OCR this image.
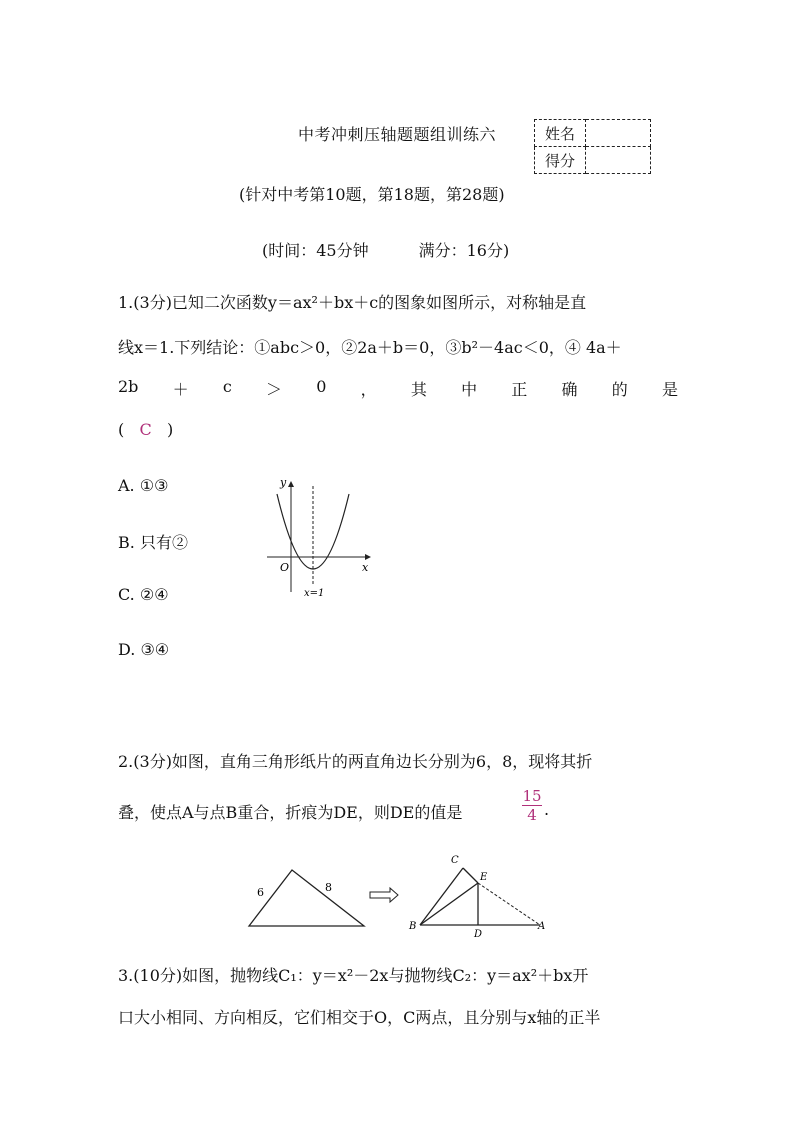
中考冲刺压轴题题组训练六	姓名	
得分	
(针对中考第10题，第18题，第28题)
(时间：45分钟	满分：16分)
1.(3分)已知二次函数y＝ax²＋bx＋c的图象如图所示，对称轴是直
线x＝1.下列结论：①abc＞0，②2a＋b＝0，③b²－4ac＜0，④ 4a＋
2b ＋ c ＞ 0 ， 其 中 正 确 的 是
( C )
A. ①③
B. 只有②
C. ②④
D. ③④
y
x
O
x=1
2.(3分)如图，直角三角形纸片的两直角边长分别为6，8，现将其折
叠，使点A与点B重合，折痕为DE，则DE的值是	$\frac{15}{4}$ .
6	8
C
E
B
D
A
3.(10分)如图，抛物线C₁：y＝x²－2x与抛物线C₂：y＝ax²＋bx开
口大小相同、方向相反，它们相交于O，C两点，且分别与x轴的正半
